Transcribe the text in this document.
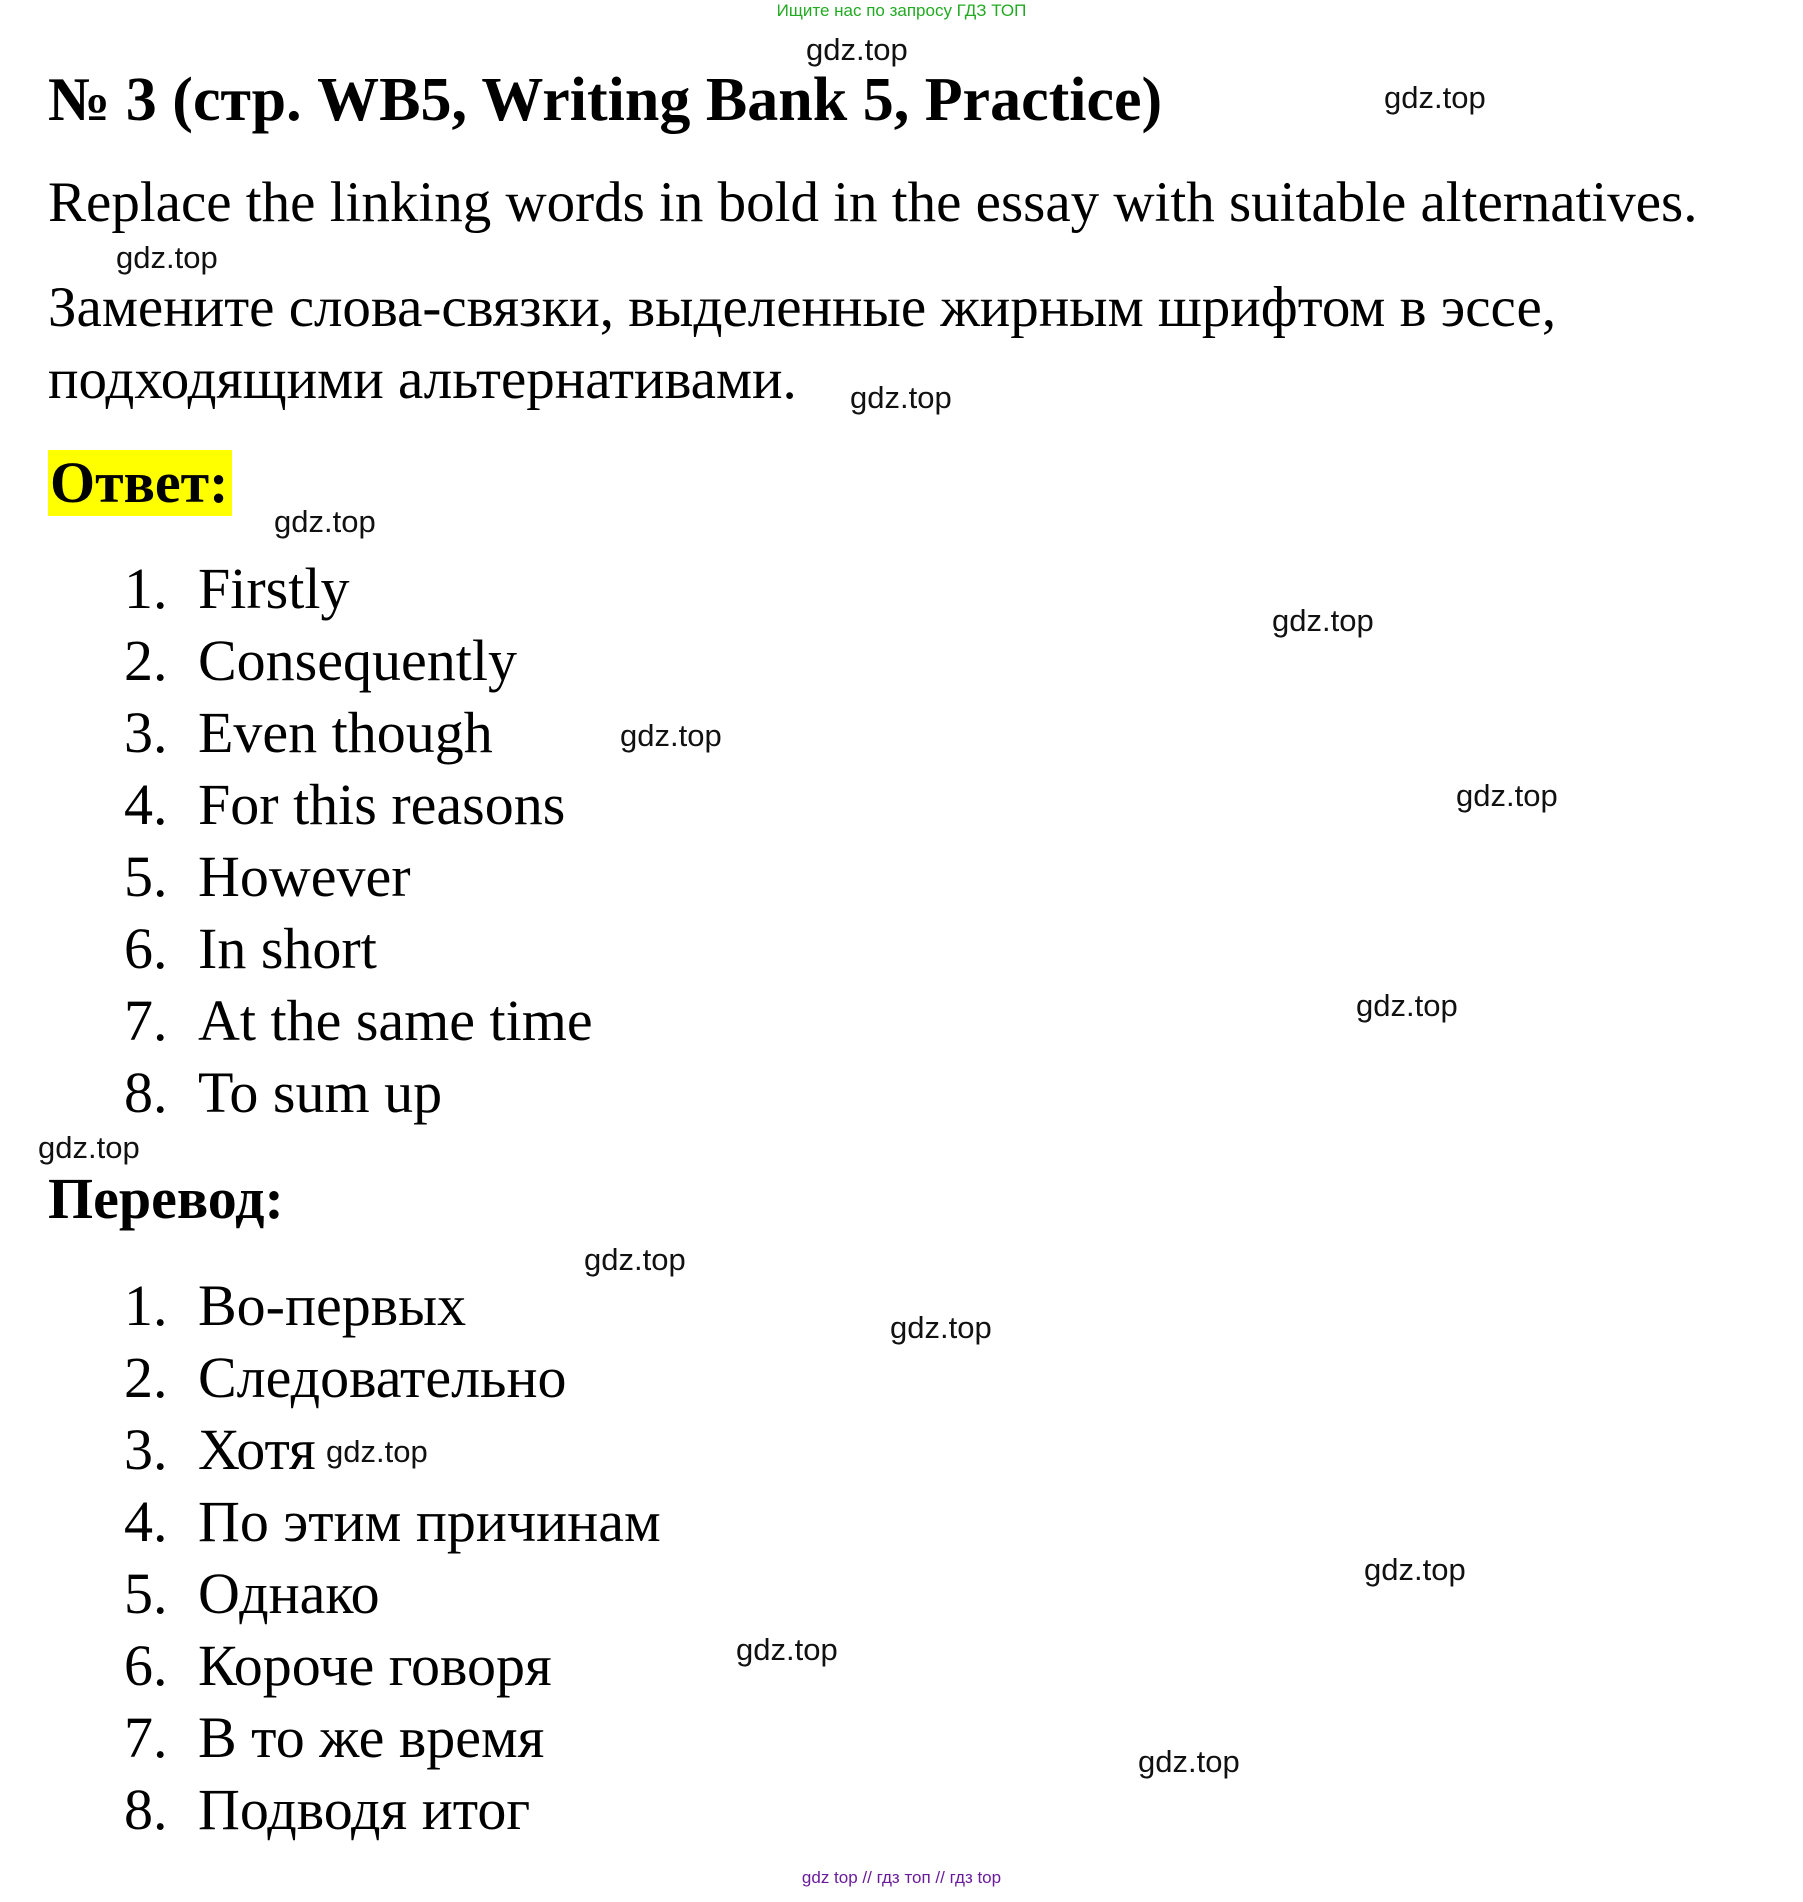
Ищите нас по запросу ГДЗ ТОП
№ 3 (стр. WB5, Writing Bank 5, Practice)

Replace the linking words in bold in the essay with suitable alternatives.

Замените слова-связки, выделенные жирным шрифтом в эссе, подходящими альтернативами.

Ответ:
1. Firstly
2. Consequently
3. Even though
4. For this reasons
5. However
6. In short
7. At the same time
8. To sum up
Перевод:
1. Во-первых
2. Следовательно
3. Хотя
4. По этим причинам
5. Однако
6. Короче говоря
7. В то же время
8. Подводя итог
gdz.top
gdz.top
gdz.top
gdz.top
gdz.top
gdz.top
gdz.top
gdz.top
gdz.top
gdz.top
gdz.top
gdz.top
gdz.top
gdz.top
gdz.top
gdz.top
gdz top // гдз топ // гдз top
